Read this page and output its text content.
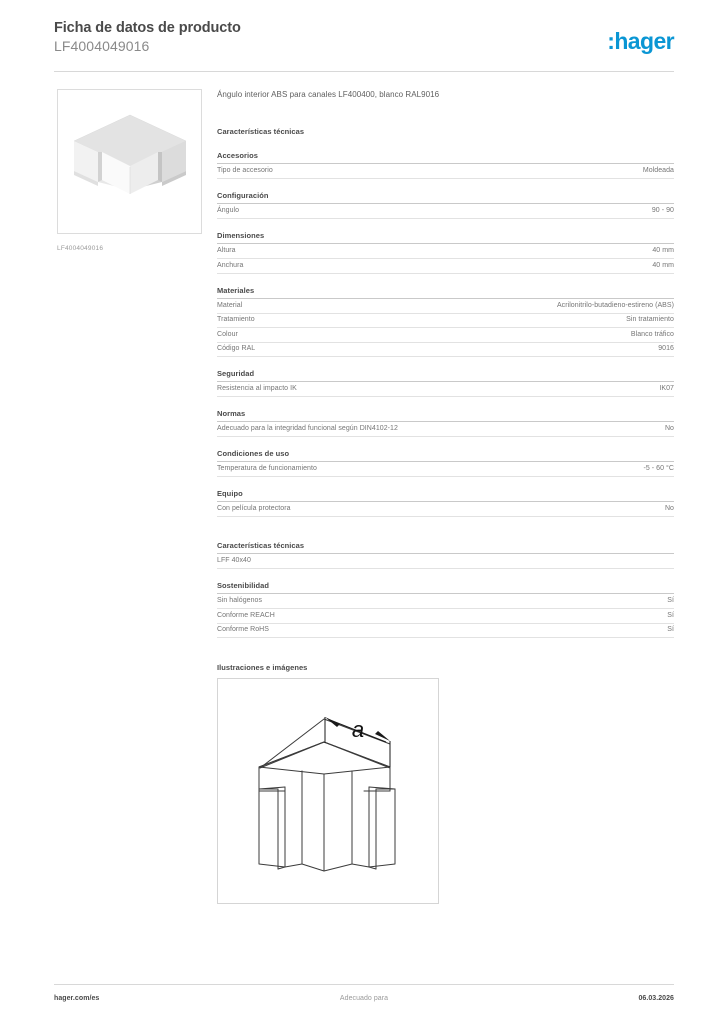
Ficha de datos de producto
LF4004049016	:hager
LF4004049016
Ángulo interior ABS para canales LF400400, blanco RAL9016
Características técnicas
Accesorios
Tipo de accesorio	Moldeada
Configuración
Ángulo	90 - 90
Dimensiones
Altura	40 mm
Anchura	40 mm
Materiales
Material	Acrilonitrilo-butadieno-estireno (ABS)
Tratamiento	Sin tratamiento
Colour	Blanco tráfico
Código RAL	9016
Seguridad
Resistencia al impacto IK	IK07
Normas
Adecuado para la integridad funcional según DIN4102-12	No
Condiciones de uso
Temperatura de funcionamiento	-5 - 60 °C
Equipo
Con película protectora	No
Características técnicas
LFF 40x40
Sostenibilidad
Sin halógenos	Sí
Conforme REACH	Sí
Conforme RoHS	Sí
Ilustraciones e imágenes
a
Adecuado para
hager.com/es	06.03.2026
